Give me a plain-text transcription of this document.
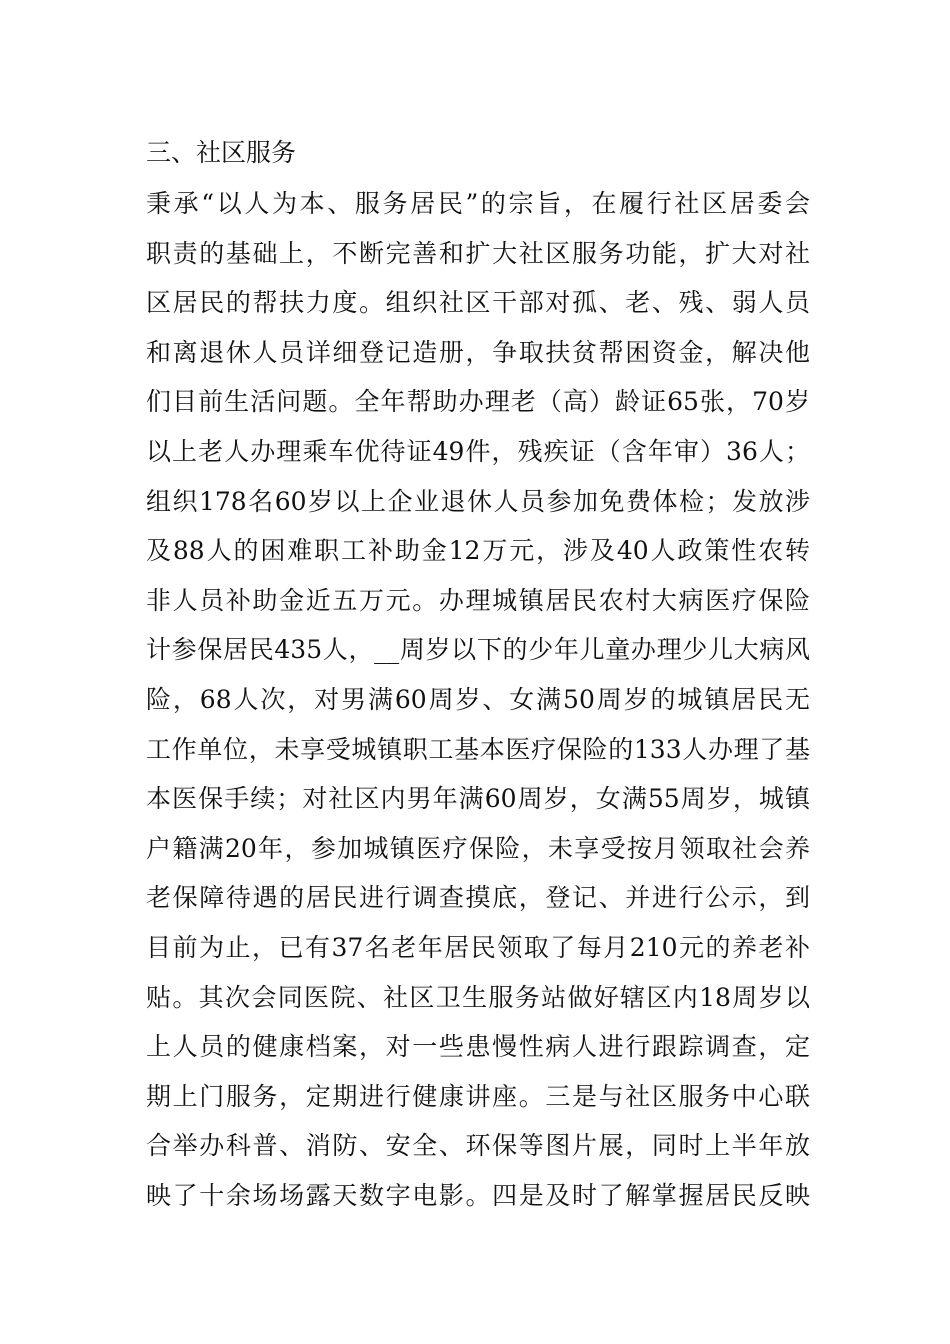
三、社区服务
秉承“以人为本、服务居民”的宗旨，在履行社区居委会
职责的基础上，不断完善和扩大社区服务功能，扩大对社
区居民的帮扶力度。组织社区干部对孤、老、残、弱人员
和离退休人员详细登记造册，争取扶贫帮困资金，解决他
们目前生活问题。全年帮助办理老（高）龄证65张，70岁
以上老人办理乘车优待证49件，残疾证（含年审）36人；
组织178名60岁以上企业退休人员参加免费体检；发放涉
及88人的困难职工补助金12万元，涉及40人政策性农转
非人员补助金近五万元。办理城镇居民农村大病医疗保险
计参保居民435人，__周岁以下的少年儿童办理少儿大病风
险，68人次，对男满60周岁、女满50周岁的城镇居民无
工作单位，未享受城镇职工基本医疗保险的133人办理了基
本医保手续；对社区内男年满60周岁，女满55周岁，城镇
户籍满20年，参加城镇医疗保险，未享受按月领取社会养
老保障待遇的居民进行调查摸底，登记、并进行公示，到
目前为止，已有37名老年居民领取了每月210元的养老补
贴。其次会同医院、社区卫生服务站做好辖区内18周岁以
上人员的健康档案，对一些患慢性病人进行跟踪调查，定
期上门服务，定期进行健康讲座。三是与社区服务中心联
合举办科普、消防、安全、环保等图片展，同时上半年放
映了十余场场露天数字电影。四是及时了解掌握居民反映
